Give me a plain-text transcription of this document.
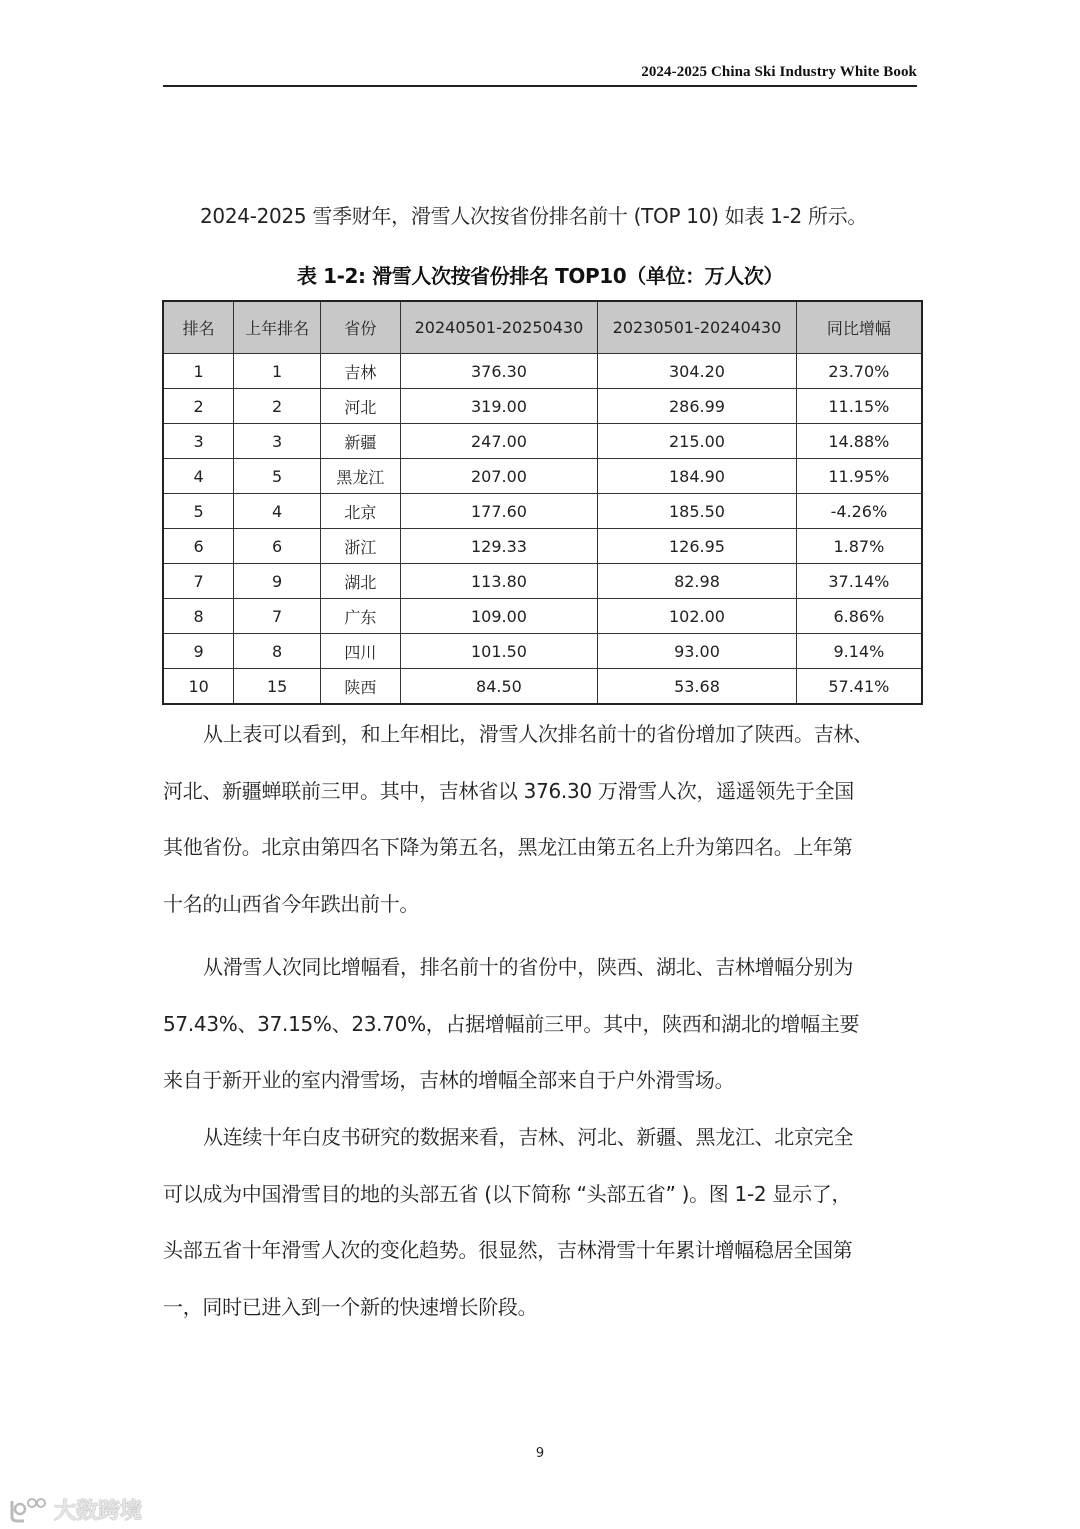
2024-2025 China Ski Industry White Book
2024-2025 雪季财年，滑雪人次按省份排名前十 (TOP 10) 如表 1-2 所示。
表 1-2: 滑雪人次按省份排名 TOP10（单位：万人次）
排名	上年排名	省份	20240501-20250430	20230501-20240430	同比增幅
1	1	吉林	376.30	304.20	23.70%
2	2	河北	319.00	286.99	11.15%
3	3	新疆	247.00	215.00	14.88%
4	5	黑龙江	207.00	184.90	11.95%
5	4	北京	177.60	185.50	-4.26%
6	6	浙江	129.33	126.95	1.87%
7	9	湖北	113.80	82.98	37.14%
8	7	广东	109.00	102.00	6.86%
9	8	四川	101.50	93.00	9.14%
10	15	陕西	84.50	53.68	57.41%
从上表可以看到，和上年相比，滑雪人次排名前十的省份增加了陕西。吉林、
河北、新疆蝉联前三甲。其中，吉林省以 376.30 万滑雪人次，遥遥领先于全国
其他省份。北京由第四名下降为第五名，黑龙江由第五名上升为第四名。上年第
十名的山西省今年跌出前十。
从滑雪人次同比增幅看，排名前十的省份中，陕西、湖北、吉林增幅分别为
57.43%、37.15%、23.70%，占据增幅前三甲。其中，陕西和湖北的增幅主要
来自于新开业的室内滑雪场，吉林的增幅全部来自于户外滑雪场。
从连续十年白皮书研究的数据来看，吉林、河北、新疆、黑龙江、北京完全
可以成为中国滑雪目的地的头部五省 (以下简称 “头部五省” )。图 1-2 显示了，
头部五省十年滑雪人次的变化趋势。很显然，吉林滑雪十年累计增幅稳居全国第
一，同时已进入到一个新的快速增长阶段。
9
大数跨境
